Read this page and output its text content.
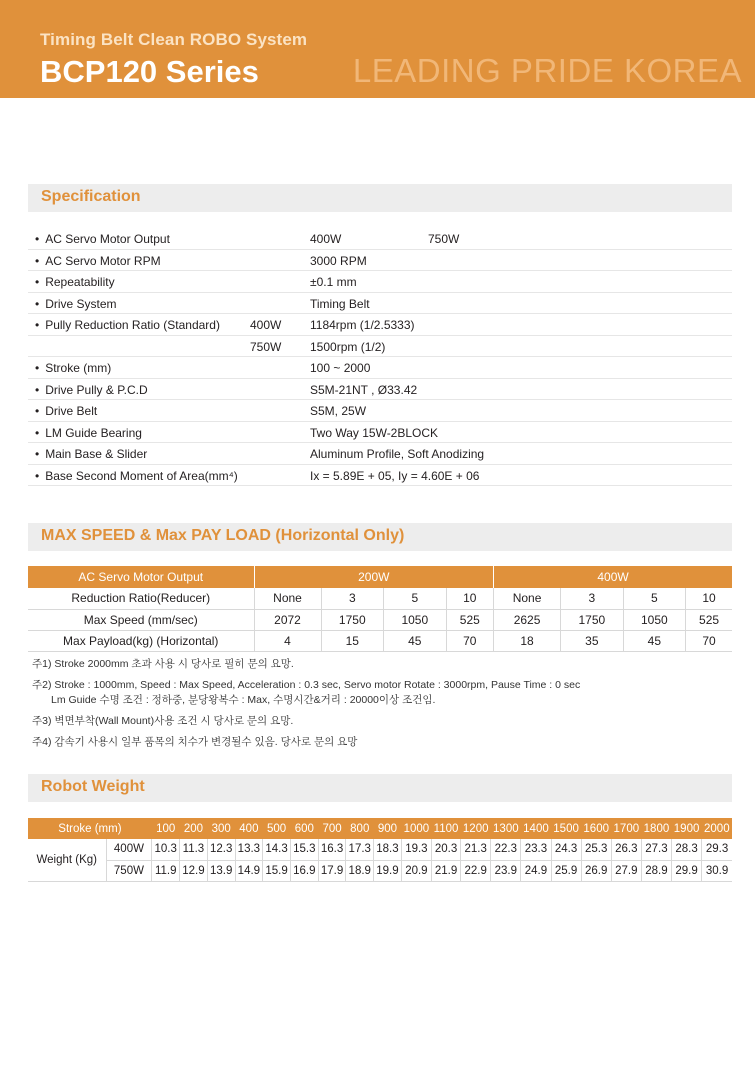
Timing Belt Clean ROBO System
BCP120 Series	LEADING PRIDE KOREA
Specification
• AC Servo Motor Output	400W	750W
• AC Servo Motor RPM	3000 RPM
• Repeatability	±0.1 mm
• Drive System	Timing Belt
• Pully Reduction Ratio (Standard)	400W 1184rpm (1/2.5333)
750W 1500rpm (1/2)
• Stroke (mm)	100 ~ 2000
• Drive Pully & P.C.D	S5M-21NT , Ø33.42
• Drive Belt	S5M, 25W
• LM Guide Bearing	Two Way 15W-2BLOCK
• Main Base & Slider	Aluminum Profile, Soft Anodizing
• Base Second Moment of Area(mm⁴)	Ix = 5.89E + 05, Iy = 4.60E + 06
MAX SPEED & Max PAY LOAD (Horizontal Only)
AC Servo Motor Output	200W				400W			
Reduction Ratio(Reducer)	None	3	5	10	None	3	5	10
Max Speed (mm/sec)	2072	1750	1050	525	2625	1750	1050	525
Max Payload(kg) (Horizontal)	4	15	45	70	18	35	45	70
주1) Stroke 2000mm 초과 사용 시 당사로 필히 문의 요망.
주2) Stroke : 1000mm, Speed : Max Speed, Acceleration : 0.3 sec, Servo motor Rotate : 3000rpm, Pause Time : 0 sec
Lm Guide 수명 조건 : 정하중, 분당왕복수 : Max, 수명시간&거리 : 20000이상 조건임.
주3) 벽면부착(Wall Mount)사용 조건 시 당사로 문의 요망.
주4) 감속기 사용시 일부 품목의 치수가 변경될수 있음. 당사로 문의 요망
Robot Weight
Stroke (mm)		100	200	300	400	500	600	700	800	900	1000	1100	1200	1300	1400	1500	1600	1700	1800	1900	2000
Weight (Kg)	400W	10.3	11.3	12.3	13.3	14.3	15.3	16.3	17.3	18.3	19.3	20.3	21.3	22.3	23.3	24.3	25.3	26.3	27.3	28.3	29.3
	750W	11.9	12.9	13.9	14.9	15.9	16.9	17.9	18.9	19.9	20.9	21.9	22.9	23.9	24.9	25.9	26.9	27.9	28.9	29.9	30.9
